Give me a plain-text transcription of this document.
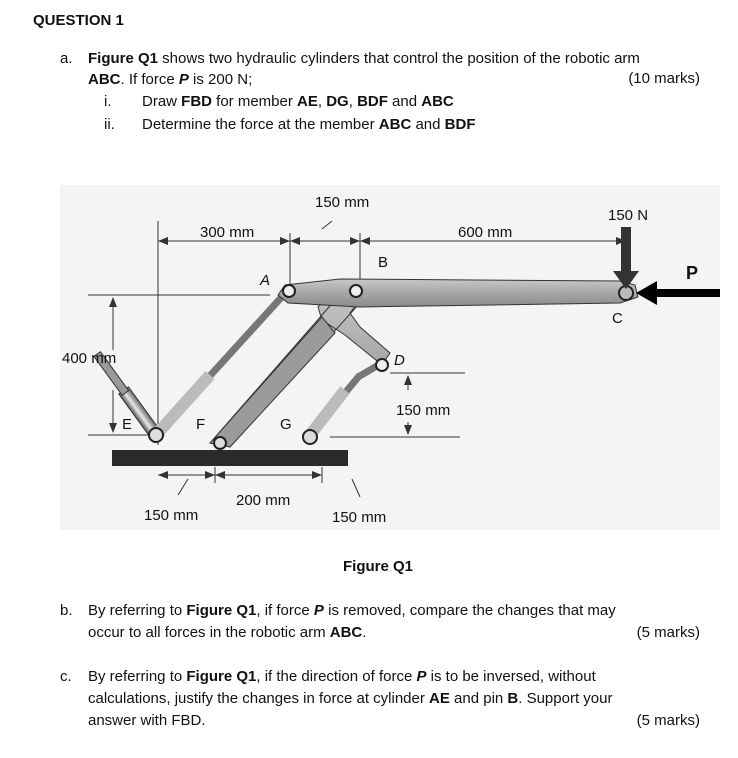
QUESTION 1
a. Figure Q1 shows two hydraulic cylinders that control the position of the robotic arm
ABC. If force P is 200 N;	(10 marks)
i. Draw FBD for member AE, DG, BDF and ABC
ii. Determine the force at the member ABC and BDF
150 mm
300 mm	600 mm
150 N
400 mm
150 mm
150 mm
200 mm
150 mm
A
B
C
D
E	F	G
P
Figure Q1
b. By referring to Figure Q1, if force P is removed, compare the changes that may
occur to all forces in the robotic arm ABC.	(5 marks)
c. By referring to Figure Q1, if the direction of force P is to be inversed, without
calculations, justify the changes in force at cylinder AE and pin B. Support your
answer with FBD.	(5 marks)
